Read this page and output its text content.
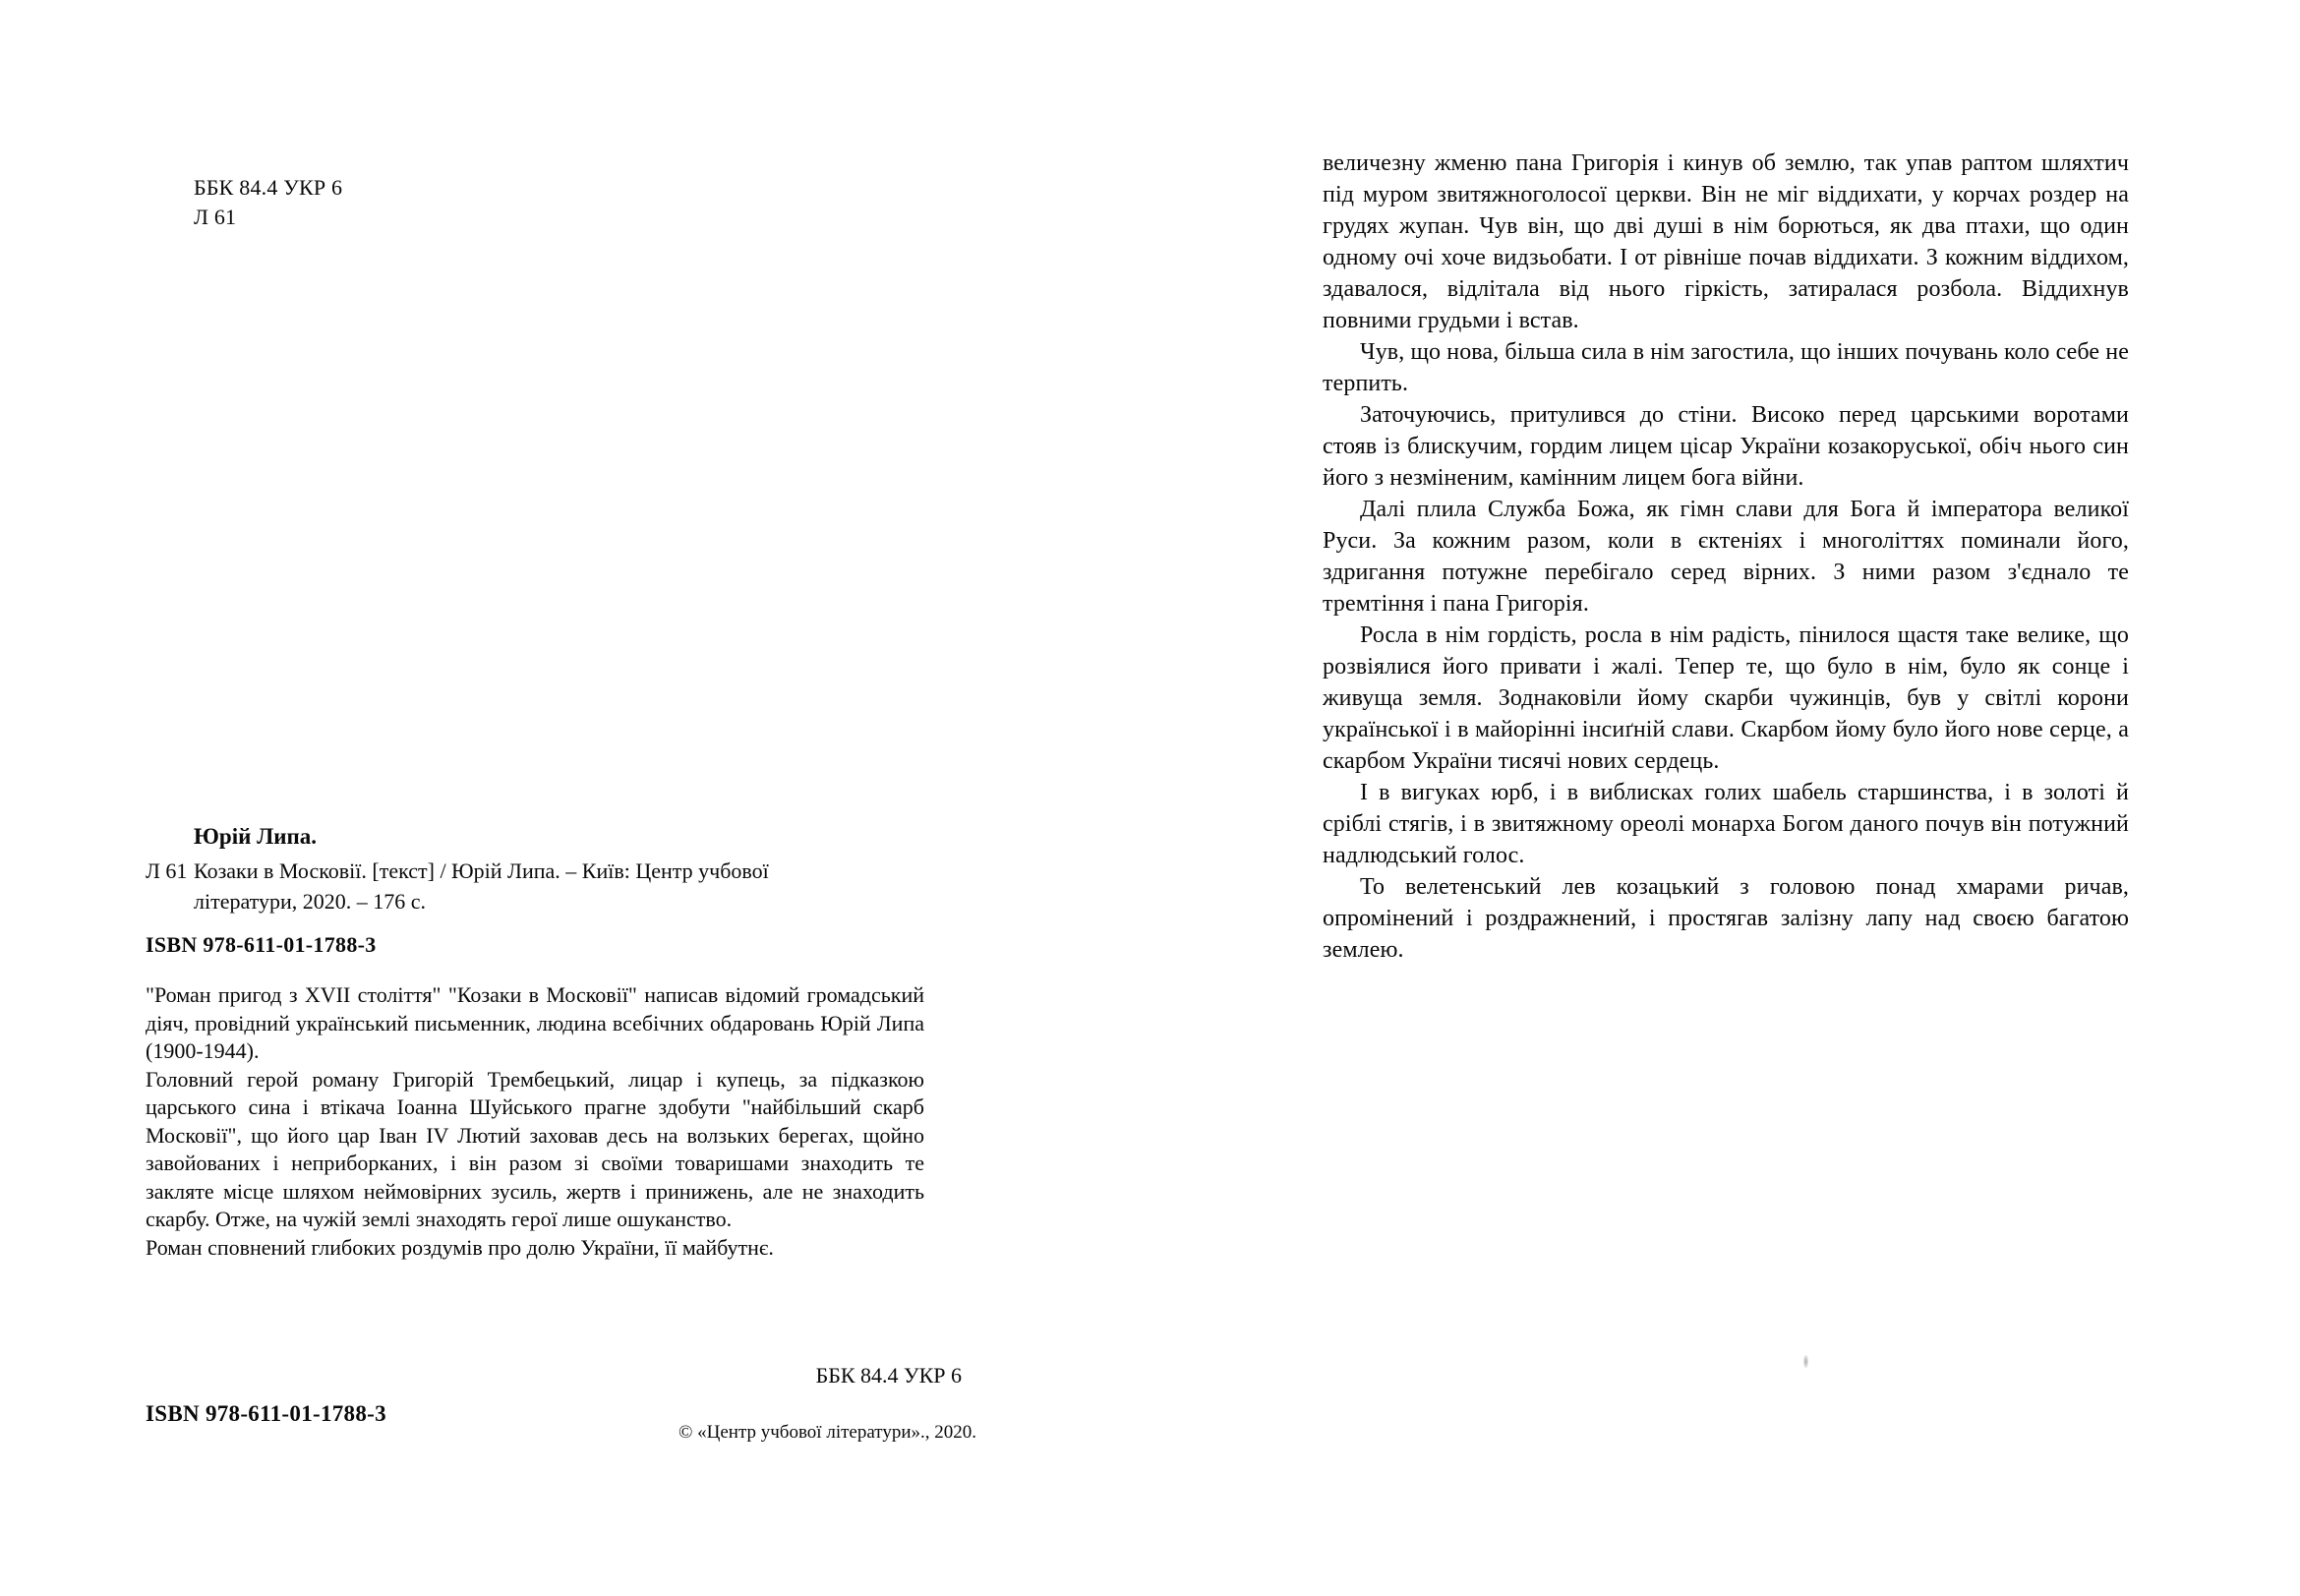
ББК 84.4 УКР 6
Л 61
Юрій Липа.
Л 61 Козаки в Московії. [текст] / Юрій Липа. – Київ: Центр учбової
літератури, 2020. – 176 с.
ISBN 978-611-01-1788-3

"Роман пригод з XVII століття" "Козаки в Московії" написав відомий громадський діяч, провідний український письменник, людина всебічних обдаровань Юрій Липа (1900-1944).

Головний герой роману Григорій Трембецький, лицар і купець, за підказкою царського сина і втікача Іоанна Шуйського прагне здобути "найбільший скарб Московії", що його цар Іван IV Лютий заховав десь на волзьких берегах, щойно завойованих і неприборканих, і він разом зі своїми товаришами знаходить те закляте місце шляхом неймовірних зусиль, жертв і принижень, але не знаходить скарбу. Отже, на чужій землі знаходять герої лише ошуканство.

Роман сповнений глибоких роздумів про долю України, її майбутнє.

ББК 84.4 УКР 6
ISBN 978-611-01-1788-3
© «Центр учбової літератури»., 2020.

величезну жменю пана Григорія і кинув об землю, так упав раптом шляхтич під муром звитяжноголосої церкви. Він не міг віддихати, у корчах роздер на грудях жупан. Чув він, що дві душі в нім борються, як два птахи, що один одному очі хоче видзьобати. І от рівніше почав віддихати. З кожним віддихом, здавалося, відлітала від нього гіркість, затиралася розбола. Віддихнув повними грудьми і встав.

Чув, що нова, більша сила в нім загостила, що інших почувань коло себе не терпить.

Заточуючись, притулився до стіни. Високо перед царськими воротами стояв із блискучим, гордим лицем цісар України козакоруської, обіч нього син його з незміненим, камінним лицем бога війни.

Далі плила Служба Божа, як гімн слави для Бога й імператора великої Руси. За кожним разом, коли в єктеніях і многоліттях поминали його, здригання потужне перебігало серед вірних. З ними разом з'єднало те тремтіння і пана Григорія.

Росла в нім гордість, росла в нім радість, пінилося щастя таке велике, що розвіялися його привати і жалі. Тепер те, що було в нім, було як сонце і живуща земля. Зоднаковіли йому скарби чужинців, був у світлі корони української і в майорінні інсиґній слави. Скарбом йому було його нове серце, а скарбом України тисячі нових сердець.

І в вигуках юрб, і в виблисках голих шабель старшинства, і в золоті й сріблі стягів, і в звитяжному ореолі монарха Богом даного почув він потужний надлюдський голос.

То велетенський лев козацький з головою понад хмарами ричав, опромінений і роздражнений, і простягав залізну лапу над своєю багатою землею.
